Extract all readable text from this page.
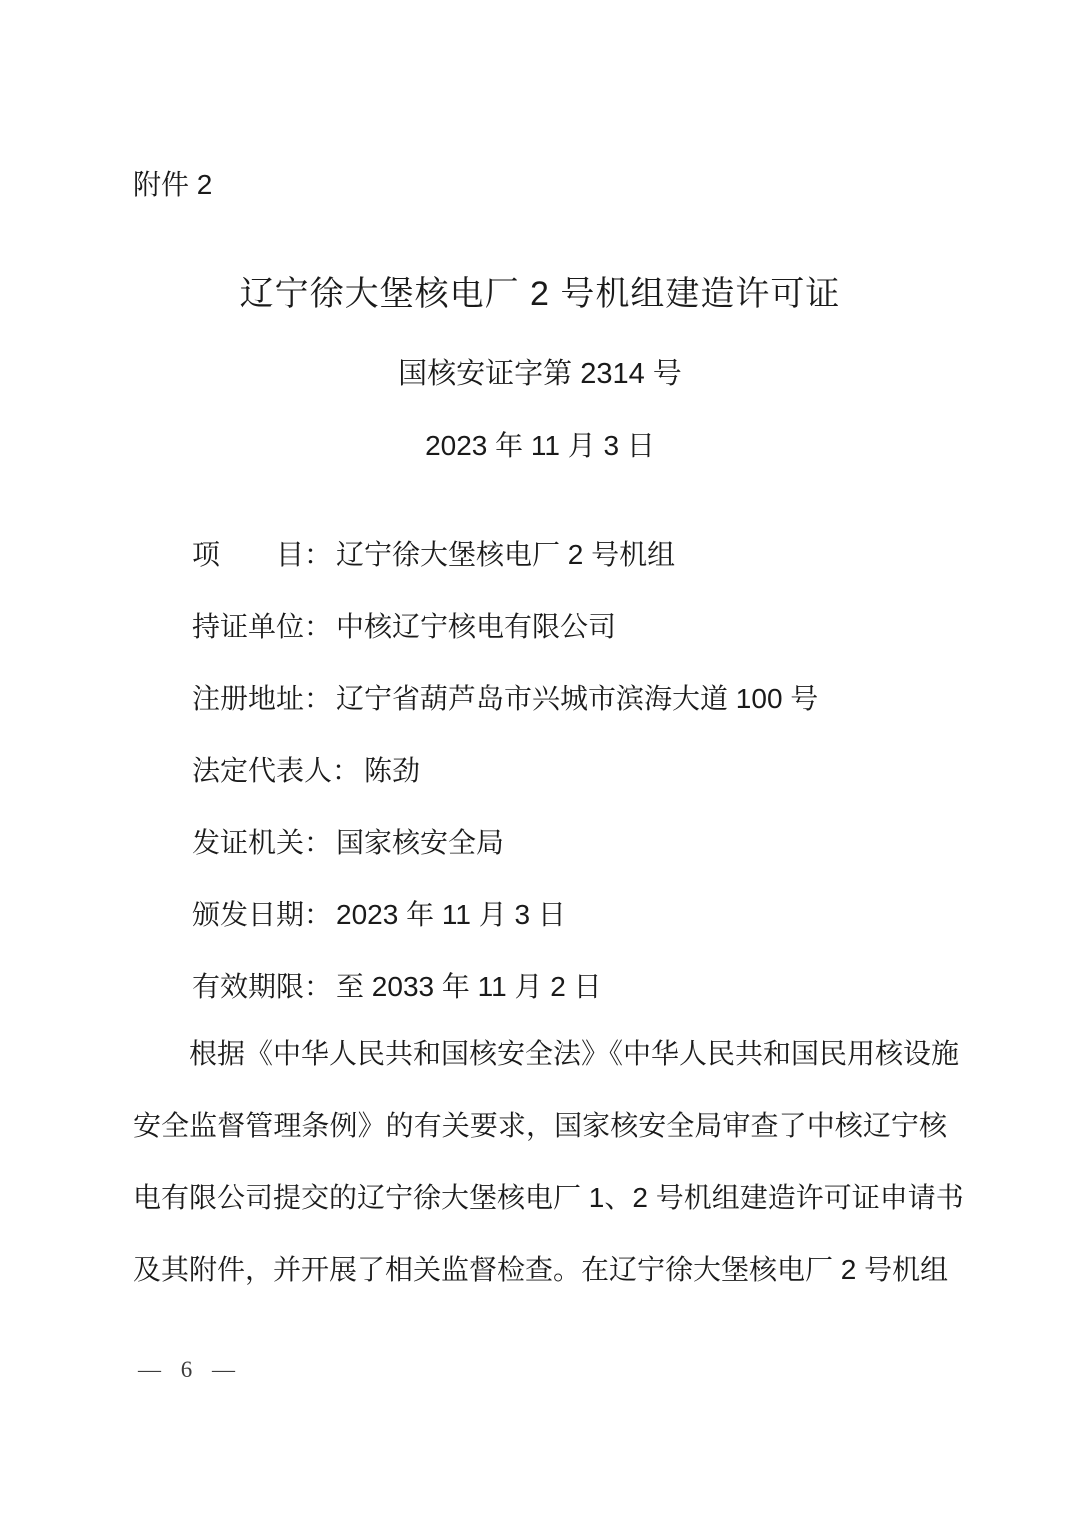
附件 2
辽宁徐大堡核电厂 2 号机组建造许可证
国核安证字第 2314 号
2023 年 11 月 3 日
项目： 辽宁徐大堡核电厂 2 号机组
持证单位： 中核辽宁核电有限公司
注册地址： 辽宁省葫芦岛市兴城市滨海大道 100 号
法定代表人： 陈劲
发证机关： 国家核安全局
颁发日期： 2023 年 11 月 3 日
有效期限： 至 2033 年 11 月 2 日
根据《中华人民共和国核安全法》《中华人民共和国民用核设施
安全监督管理条例》的有关要求，国家核安全局审查了中核辽宁核
电有限公司提交的辽宁徐大堡核电厂 1、2 号机组建造许可证申请书
及其附件，并开展了相关监督检查。在辽宁徐大堡核电厂 2 号机组
— 6 —
